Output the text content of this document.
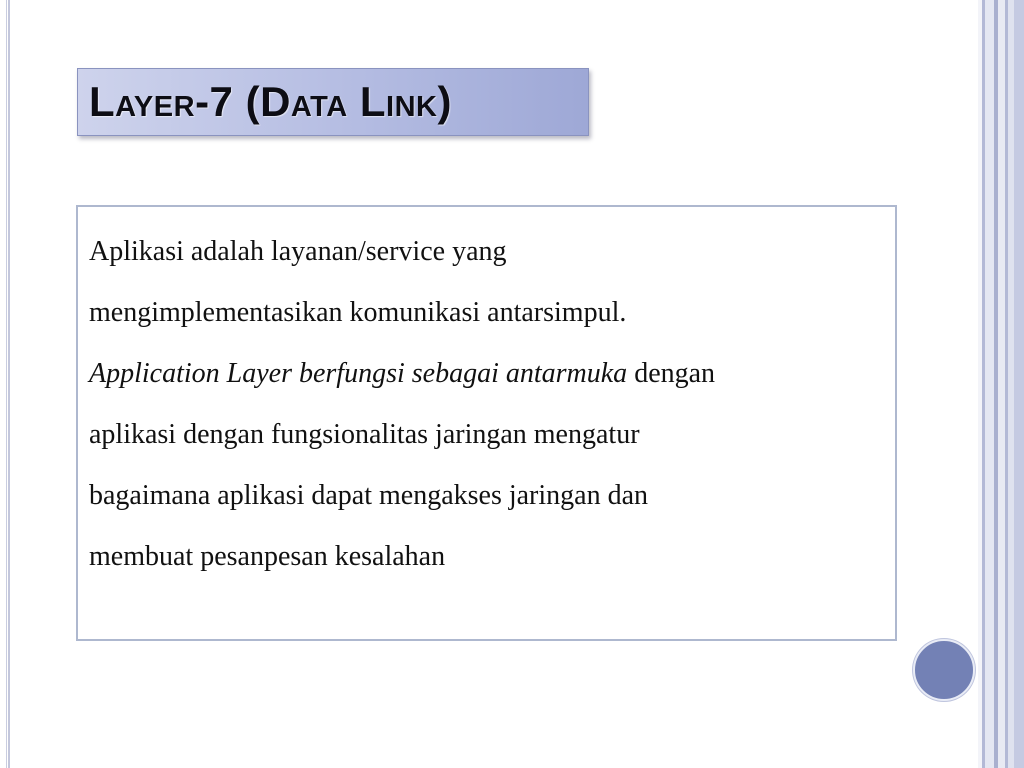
Layer-7 (Data Link)
Aplikasi adalah layanan/service yang
mengimplementasikan komunikasi antarsimpul.
Application Layer berfungsi sebagai antarmuka dengan
aplikasi dengan fungsionalitas jaringan mengatur
bagaimana aplikasi dapat mengakses jaringan dan
membuat pesanpesan kesalahan
